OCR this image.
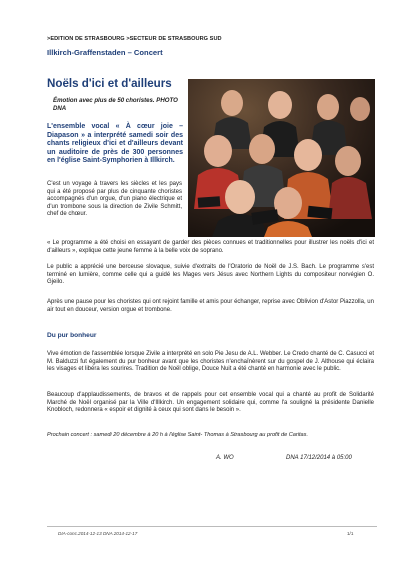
>EDITION DE STRASBOURG >SECTEUR DE STRASBOURG SUD
Illkirch-Graffenstaden – Concert
Noëls d'ici et d'ailleurs
Émotion avec plus de 50 choristes. PHOTO DNA
L'ensemble vocal « À cœur joie – Diapason » a interprété samedi soir des chants religieux d'ici et d'ailleurs devant un auditoire de près de 300 personnes en l'église Saint-Symphorien à Illkirch.
C'est un voyage à travers les siècles et les pays qui a été proposé par plus de cinquante choristes accompagnés d'un orgue, d'un piano électrique et d'un trombone sous la direction de Zivile Schmitt, chef de chœur.

« Le programme a été choisi en essayant de garder des pièces connues et traditionnelles pour illustrer les noëls d'ici et d'ailleurs », explique cette jeune femme à la belle voix de soprano.

Le public a apprécié une berceuse slovaque, suivie d'extraits de l'Oratorio de Noël de J.S. Bach. Le programme s'est terminé en lumière, comme celle qui a guidé les Mages vers Jésus avec Northern Lights du compositeur norvégien O. Gjeilo.

Après une pause pour les choristes qui ont rejoint famille et amis pour échanger, reprise avec Oblivion d'Astor Piazzolla, un air tout en douceur, version orgue et trombone.

Du pur bonheur

Vive émotion de l'assemblée lorsque Zivile a interprété en solo Pie Jesu de A.L. Webber. Le Credo chanté de C. Casucci et M. Balduzzi fut également du pur bonheur avant que les choristes n'enchaînèrent sur du gospel de J. Althouse qui éclaira les visages et libéra les sourires. Tradition de Noël oblige, Douce Nuit a été chanté en harmonie avec le public.

Beaucoup d'applaudissements, de bravos et de rappels pour cet ensemble vocal qui a chanté au profit de Solidarité Marché de Noël organisé par la Ville d'Illkirch. Un engagement solidaire qui, comme l'a souligné la présidente Danielle Knobloch, redonnera « espoir et dignité à ceux qui sont dans le besoin ».

Prochain concert : samedi 20 décembre à 20 h à l'église Saint- Thomas à Strasbourg au profit de Caritas.
A. WO	DNA 17/12/2014 à 05:00
DIA-conc.2014-12-13 DNA 2014-12-17	1/1
